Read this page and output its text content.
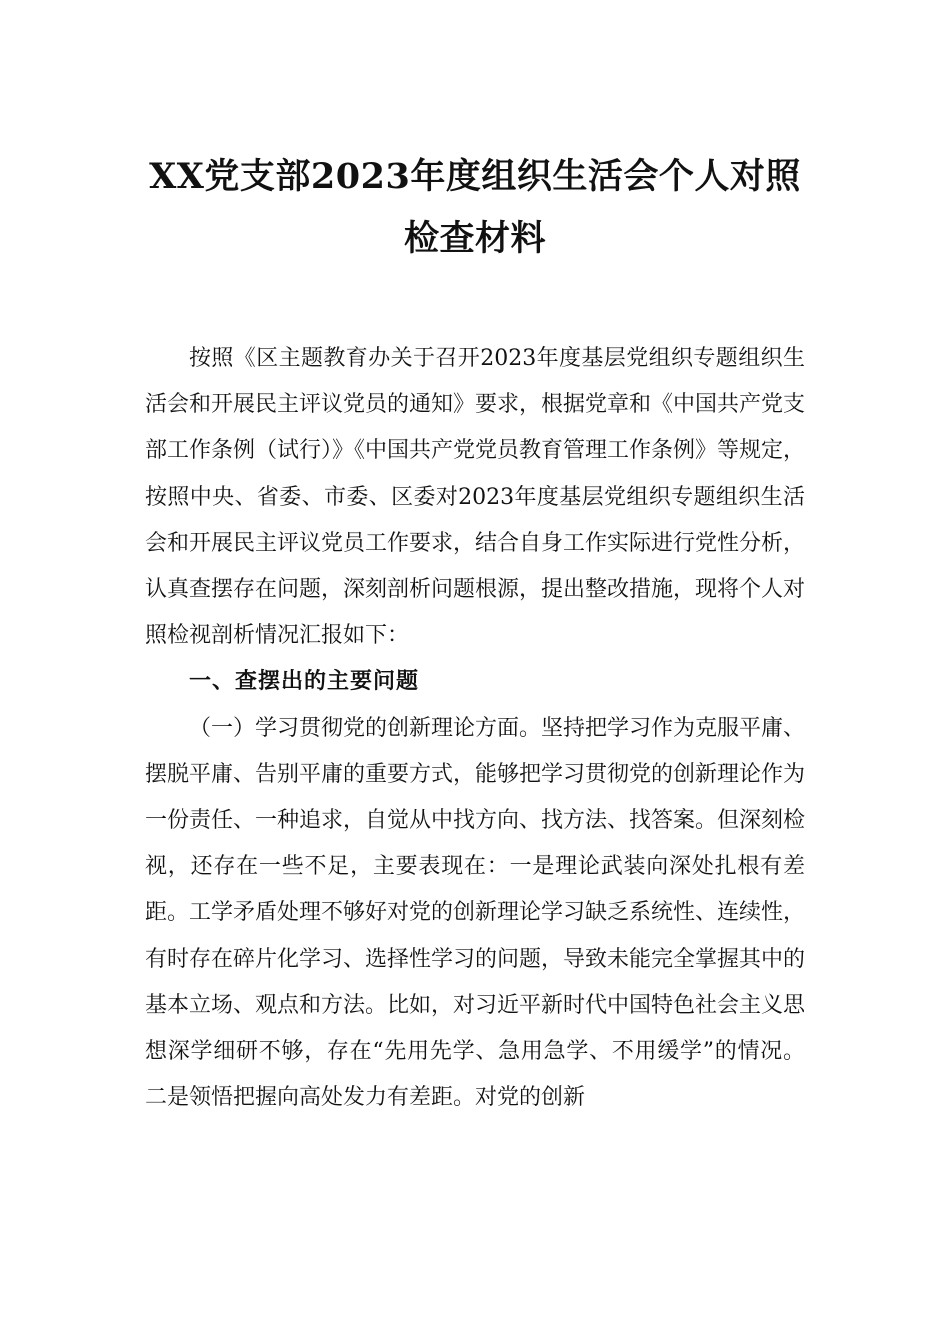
XX党支部2023年度组织生活会个人对照
检查材料

按照《区主题教育办关于召开2023年度基层党组织专题组织生活会和开展民主评议党员的通知》要求，根据党章和《中国共产党支部工作条例（试行）》《中国共产党党员教育管理工作条例》等规定，按照中央、省委、市委、区委对2023年度基层党组织专题组织生活会和开展民主评议党员工作要求，结合自身工作实际进行党性分析，认真查摆存在问题，深刻剖析问题根源，提出整改措施，现将个人对照检视剖析情况汇报如下：

一、查摆出的主要问题

（一）学习贯彻党的创新理论方面。坚持把学习作为克服平庸、摆脱平庸、告别平庸的重要方式，能够把学习贯彻党的创新理论作为一份责任、一种追求，自觉从中找方向、找方法、找答案。但深刻检视，还存在一些不足，主要表现在：一是理论武装向深处扎根有差距。工学矛盾处理不够好对党的创新理论学习缺乏系统性、连续性，有时存在碎片化学习、选择性学习的问题，导致未能完全掌握其中的基本立场、观点和方法。比如，对习近平新时代中国特色社会主义思想深学细研不够，存在“先用先学、急用急学、不用缓学”的情况。二是领悟把握向高处发力有差距。对党的创新
